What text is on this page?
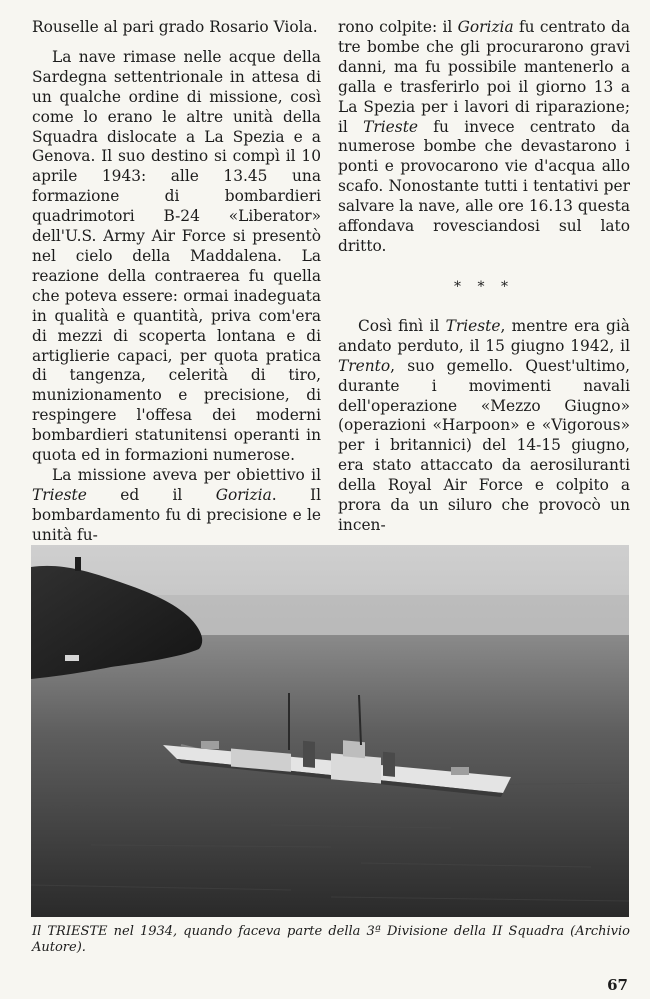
Rouselle al pari grado Rosario Viola.

La nave rimase nelle acque della Sardegna settentrionale in attesa di un qualche ordine di missione, così come lo erano le altre unità della Squadra dislocate a La Spezia e a Genova. Il suo destino si compì il 10 aprile 1943: alle 13.45 una formazione di bombardieri quadrimotori B-24 «Liberator» dell'U.S. Army Air Force si presentò nel cielo della Maddalena. La reazione della contraerea fu quella che poteva essere: ormai inadeguata in qualità e quantità, priva com'era di mezzi di scoperta lontana e di artiglierie capaci, per quota pratica di tangenza, celerità di tiro, munizionamento e precisione, di respingere l'offesa dei moderni bombardieri statunitensi operanti in quota ed in formazioni numerose.

La missione aveva per obiettivo il Trieste ed il Gorizia. Il bombardamento fu di precisione e le unità fu-

rono colpite: il Gorizia fu centrato da tre bombe che gli procurarono gravi danni, ma fu possibile mantenerlo a galla e trasferirlo poi il giorno 13 a La Spezia per i lavori di riparazione; il Trieste fu invece centrato da numerose bombe che devastarono i ponti e provocarono vie d'acqua allo scafo. Nonostante tutti i tentativi per salvare la nave, alle ore 16.13 questa affondava rovesciandosi sul lato dritto.

* * *

Così finì il Trieste, mentre era già andato perduto, il 15 giugno 1942, il Trento, suo gemello. Quest'ultimo, durante i movimenti navali dell'operazione «Mezzo Giugno» (operazioni «Harpoon» e «Vigorous» per i britannici) del 14-15 giugno, era stato attaccato da aerosiluranti della Royal Air Force e colpito a prora da un siluro che provocò un incen-

Il TRIESTE nel 1934, quando faceva parte della 3ª Divisione della II Squadra (Archivio Autore).
67
